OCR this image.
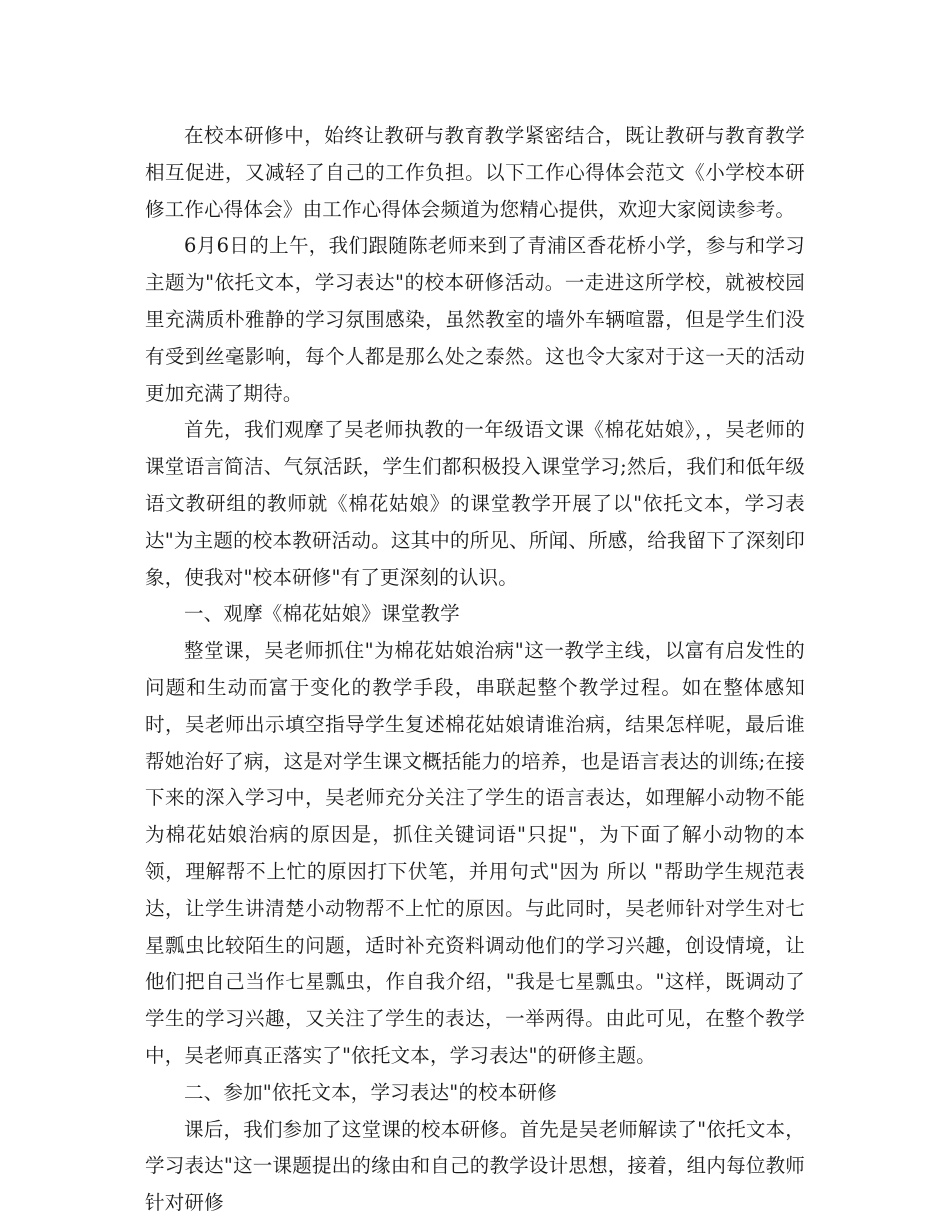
在校本研修中，始终让教研与教育教学紧密结合，既让教研与教育教学相互促进，又减轻了自己的工作负担。以下工作心得体会范文《小学校本研修工作心得体会》由工作心得体会频道为您精心提供，欢迎大家阅读参考。

6月6日的上午，我们跟随陈老师来到了青浦区香花桥小学，参与和学习主题为"依托文本，学习表达"的校本研修活动。一走进这所学校，就被校园里充满质朴雅静的学习氛围感染，虽然教室的墙外车辆喧嚣，但是学生们没有受到丝毫影响，每个人都是那么处之泰然。这也令大家对于这一天的活动更加充满了期待。

首先，我们观摩了吴老师执教的一年级语文课《棉花姑娘》，，吴老师的课堂语言简洁、气氛活跃，学生们都积极投入课堂学习;然后，我们和低年级语文教研组的教师就《棉花姑娘》的课堂教学开展了以"依托文本，学习表达"为主题的校本教研活动。这其中的所见、所闻、所感，给我留下了深刻印象，使我对"校本研修"有了更深刻的认识。

一、观摩《棉花姑娘》课堂教学

整堂课，吴老师抓住"为棉花姑娘治病"这一教学主线，以富有启发性的问题和生动而富于变化的教学手段，串联起整个教学过程。如在整体感知时，吴老师出示填空指导学生复述棉花姑娘请谁治病，结果怎样呢，最后谁帮她治好了病，这是对学生课文概括能力的培养，也是语言表达的训练;在接下来的深入学习中，吴老师充分关注了学生的语言表达，如理解小动物不能为棉花姑娘治病的原因是，抓住关键词语"只捉"，为下面了解小动物的本领，理解帮不上忙的原因打下伏笔，并用句式"因为 所以 "帮助学生规范表达，让学生讲清楚小动物帮不上忙的原因。与此同时，吴老师针对学生对七星瓢虫比较陌生的问题，适时补充资料调动他们的学习兴趣，创设情境，让他们把自己当作七星瓢虫，作自我介绍，"我是七星瓢虫。"这样，既调动了学生的学习兴趣，又关注了学生的表达，一举两得。由此可见，在整个教学中，吴老师真正落实了"依托文本，学习表达"的研修主题。

二、参加"依托文本，学习表达"的校本研修

课后，我们参加了这堂课的校本研修。首先是吴老师解读了"依托文本，学习表达"这一课题提出的缘由和自己的教学设计思想，接着，组内每位教师针对研修
